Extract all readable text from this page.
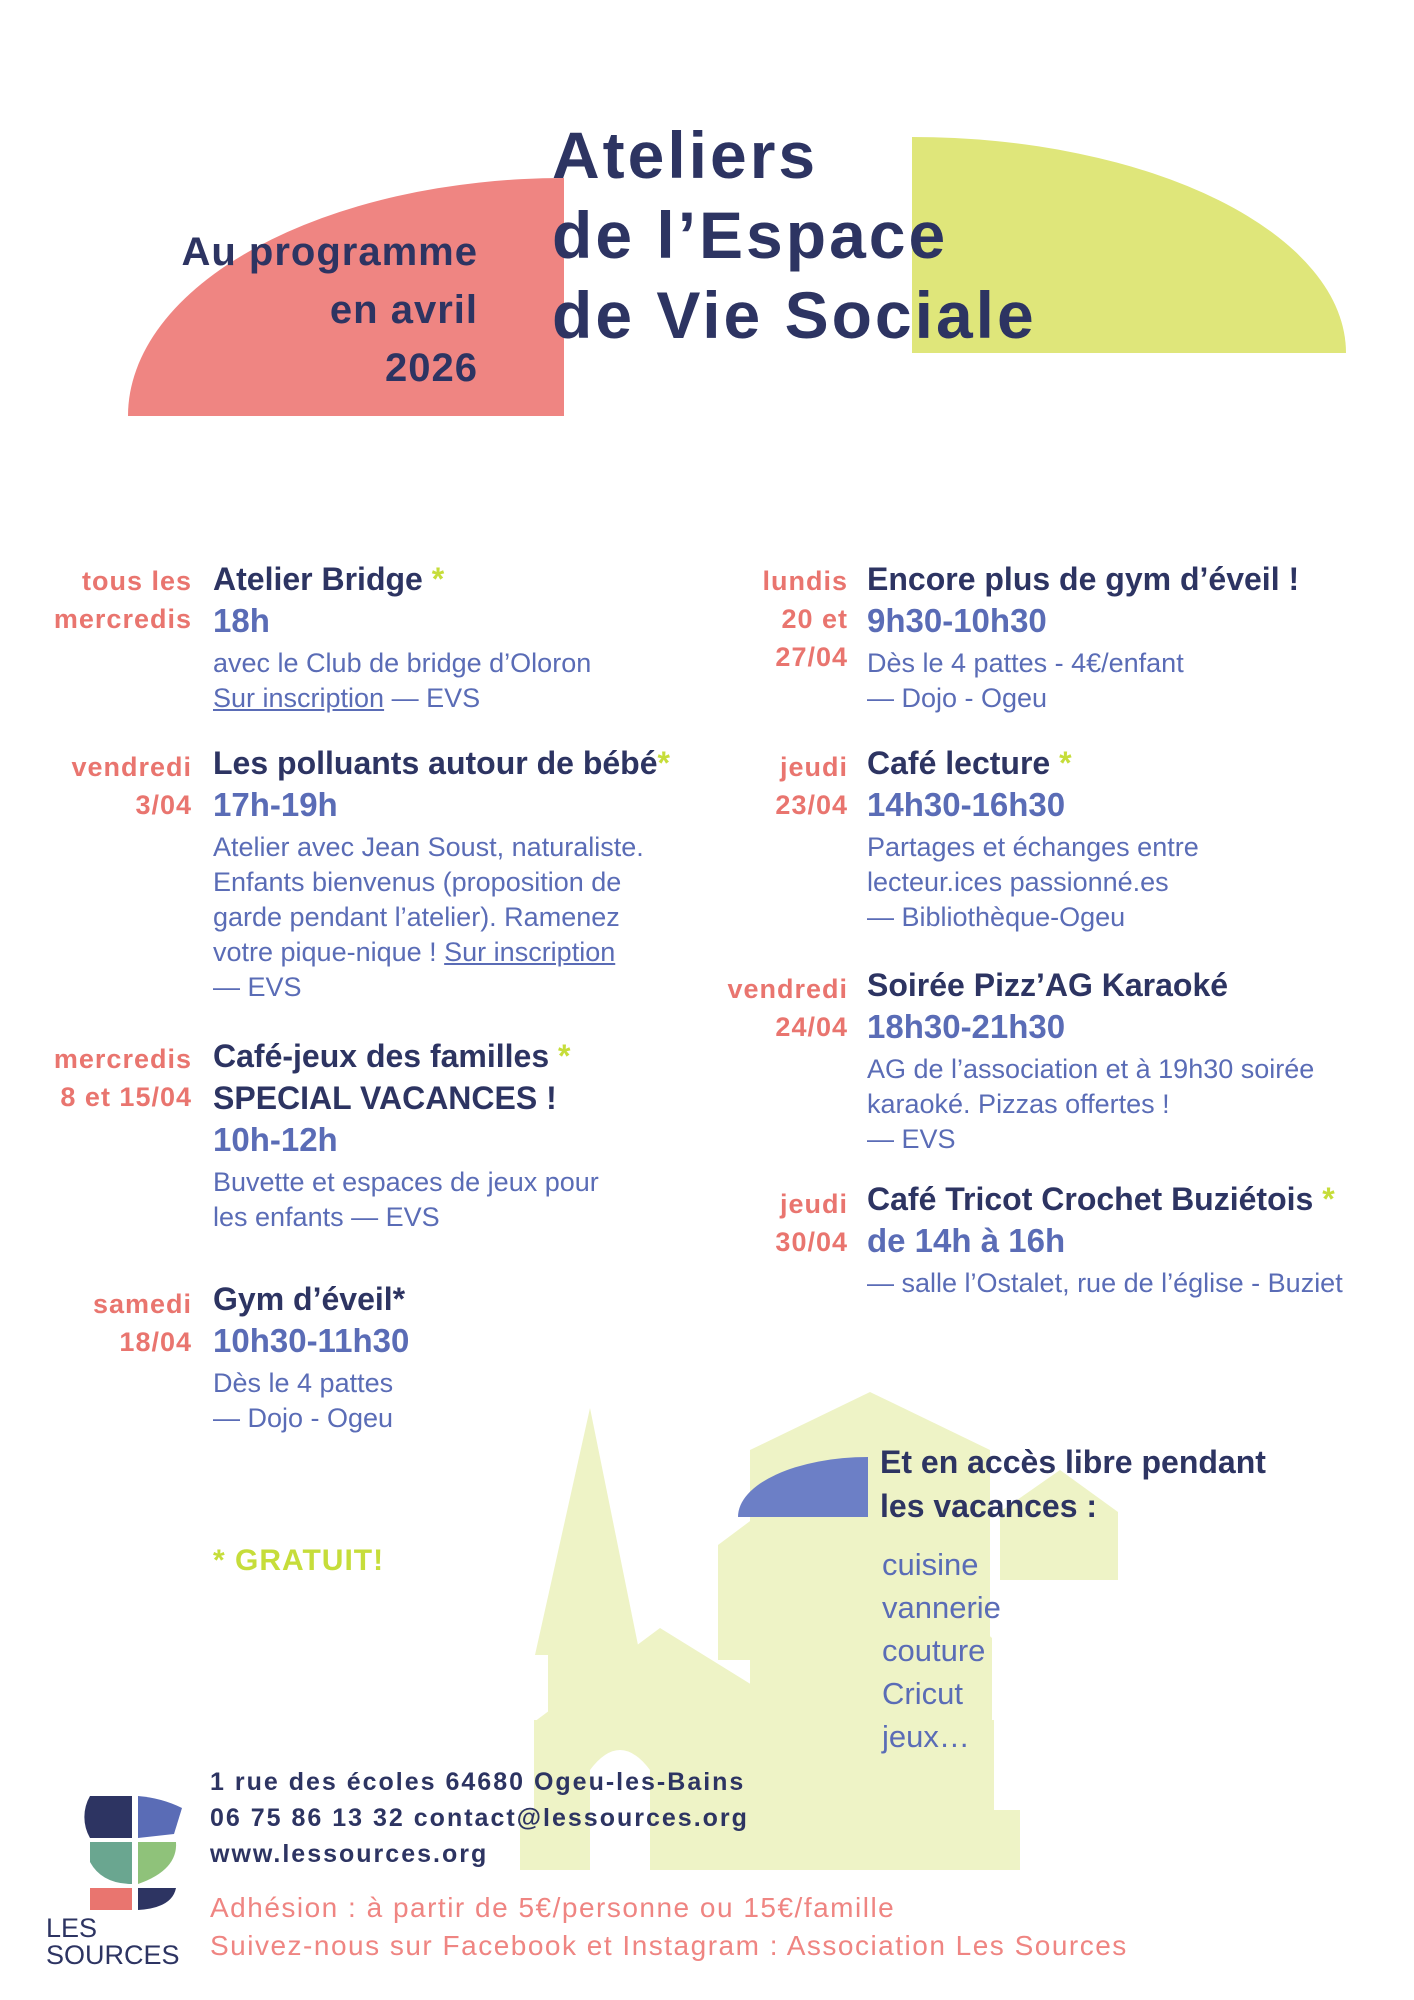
Au programme
en avril
2026
Ateliers
de l’Espace
de Vie Sociale
tous les
mercredis
Atelier Bridge *
18h
avec le Club de bridge d’Oloron
Sur inscription — EVS
vendredi
3/04
Les polluants autour de bébé*
17h-19h
Atelier avec Jean Soust, naturaliste.
Enfants bienvenus (proposition de
garde pendant l’atelier). Ramenez
votre pique-nique ! Sur inscription
— EVS
mercredis
8 et 15/04
Café-jeux des familles *
SPECIAL VACANCES !
10h-12h
Buvette et espaces de jeux pour
les enfants — EVS
samedi
18/04
Gym d’éveil*
10h30-11h30
Dès le 4 pattes
— Dojo - Ogeu
* GRATUIT!
lundis
20 et
27/04
Encore plus de gym d’éveil !
9h30-10h30
Dès le 4 pattes - 4€/enfant
— Dojo - Ogeu
jeudi
23/04
Café lecture *
14h30-16h30
Partages et échanges entre
lecteur.ices passionné.es
— Bibliothèque-Ogeu
vendredi
24/04
Soirée Pizz’AG Karaoké
18h30-21h30
AG de l’association et à 19h30 soirée
karaoké. Pizzas offertes !
— EVS
jeudi
30/04
Café Tricot Crochet Buziétois *
de 14h à 16h
— salle l’Ostalet, rue de l’église - Buziet
Et en accès libre pendant
les vacances :
cuisine
vannerie
couture
Cricut
jeux…
LES
SOURCES
1 rue des écoles 64680 Ogeu-les-Bains
06 75 86 13 32 contact@lessources.org
www.lessources.org
Adhésion : à partir de 5€/personne ou 15€/famille
Suivez-nous sur Facebook et Instagram : Association Les Sources
